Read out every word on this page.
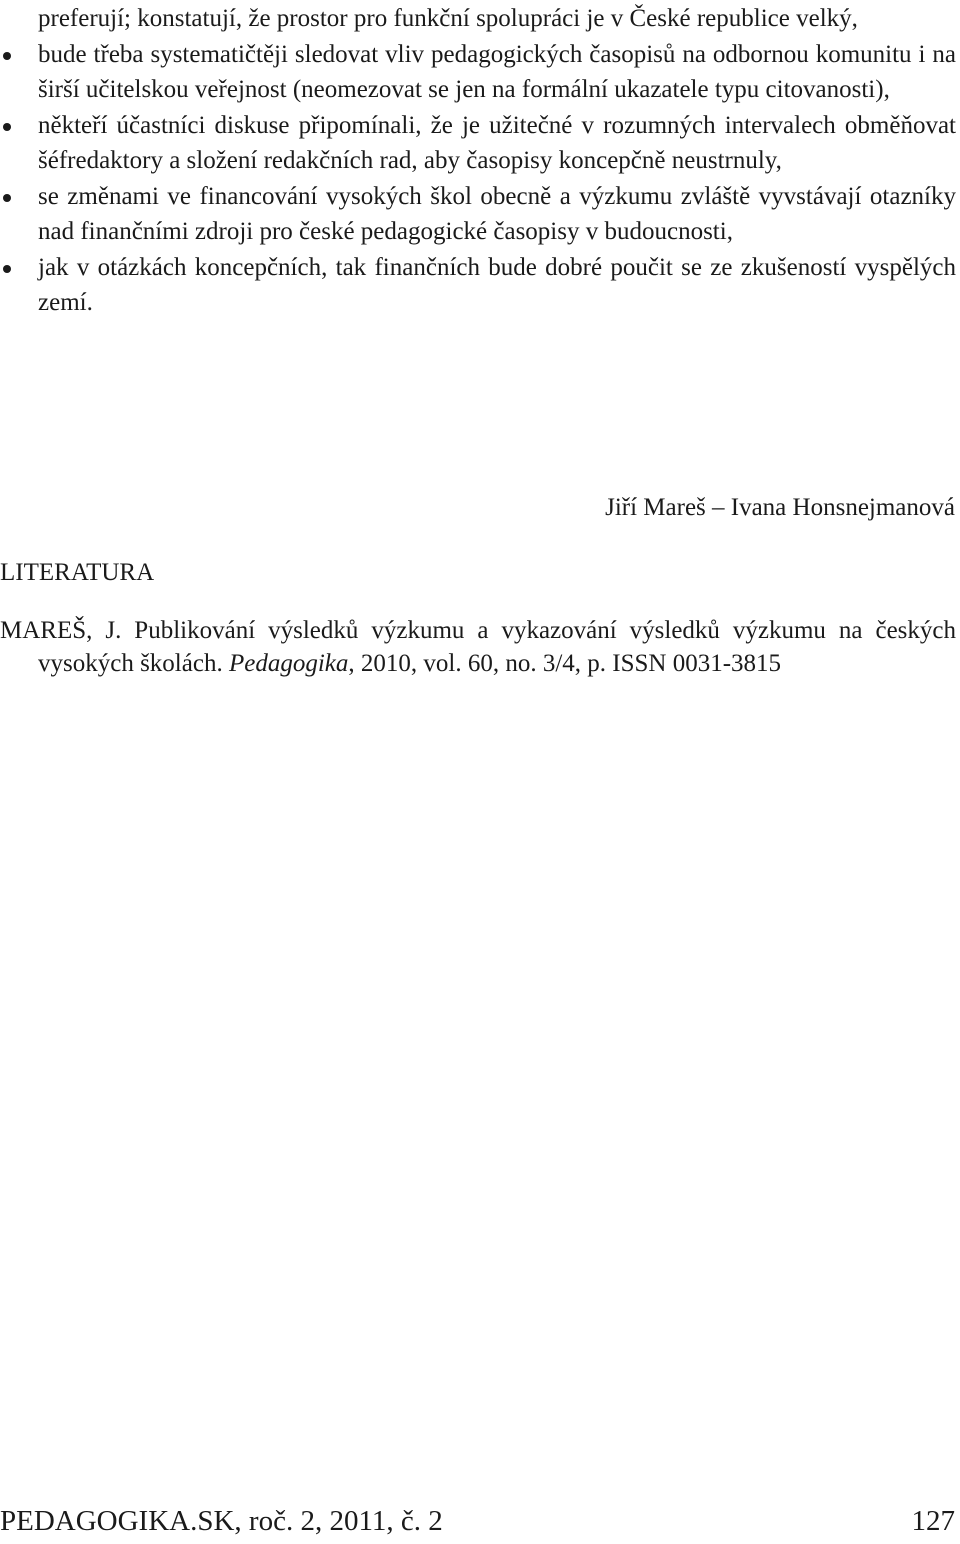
preferují; konstatují, že prostor pro funkční spolupráci je v České republice velký,
bude třeba systematičtěji sledovat vliv pedagogických časopisů na odbornou komunitu i na širší učitelskou veřejnost (neomezovat se jen na formální ukazatele typu citovanosti),
někteří účastníci diskuse připomínali, že je užitečné v rozumných intervalech obměňovat šéfredaktory a složení redakčních rad, aby časopisy koncepčně neustrnuly,
se změnami ve financování vysokých škol obecně a výzkumu zvláště vyvstávají otazníky nad finančními zdroji pro české pedagogické časopisy v budoucnosti,
jak v otázkách koncepčních, tak finančních bude dobré poučit se ze zkušeností vyspělých zemí.
Jiří Mareš – Ivana Honsnejmanová
LITERATURA
MAREŠ, J. Publikování výsledků výzkumu a vykazování výsledků výzkumu na českých vysokých školách. Pedagogika, 2010, vol. 60, no. 3/4, p. ISSN 0031-3815
PEDAGOGIKA.SK, roč. 2, 2011, č. 2	127
